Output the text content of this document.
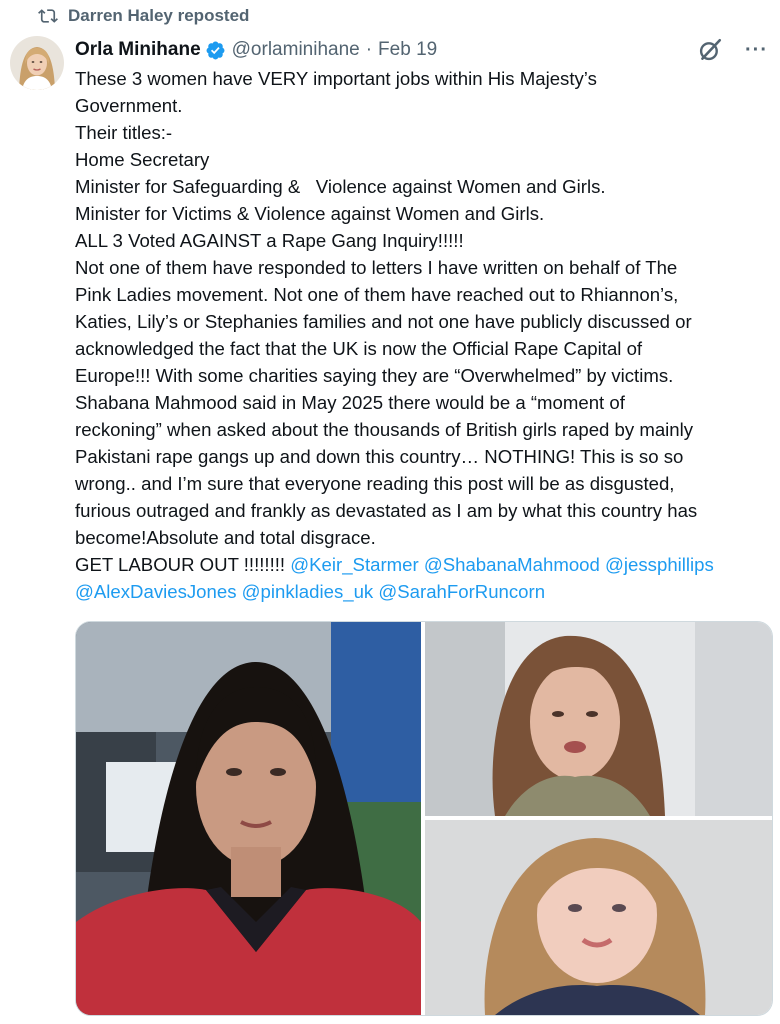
Darren Haley reposted
Orla Minihane @orlaminihane · Feb 19	···

These 3 women have VERY important jobs within His Majesty’s

Government.

Their titles:-

Home Secretary

Minister for Safeguarding &   Violence against Women and Girls.

Minister for Victims & Violence against Women and Girls.

ALL 3 Voted AGAINST a Rape Gang Inquiry!!!!!

Not one of them have responded to letters I have written on behalf of The

Pink Ladies movement. Not one of them have reached out to Rhiannon’s,

Katies, Lily’s or Stephanies families and not one have publicly discussed or

acknowledged the fact that the UK is now the Official Rape Capital of

Europe!!! With some charities saying they are “Overwhelmed” by victims.

Shabana Mahmood said in May 2025 there would be a “moment of

reckoning” when asked about the thousands of British girls raped by mainly

Pakistani rape gangs up and down this country… NOTHING! This is so so

wrong.. and I’m sure that everyone reading this post will be as disgusted,

furious outraged and frankly as devastated as I am by what this country has

become!Absolute and total disgrace.

GET LABOUR OUT !!!!!!!! @Keir_Starmer @ShabanaMahmood @jessphillips

@AlexDaviesJones @pinkladies_uk @SarahForRuncorn
